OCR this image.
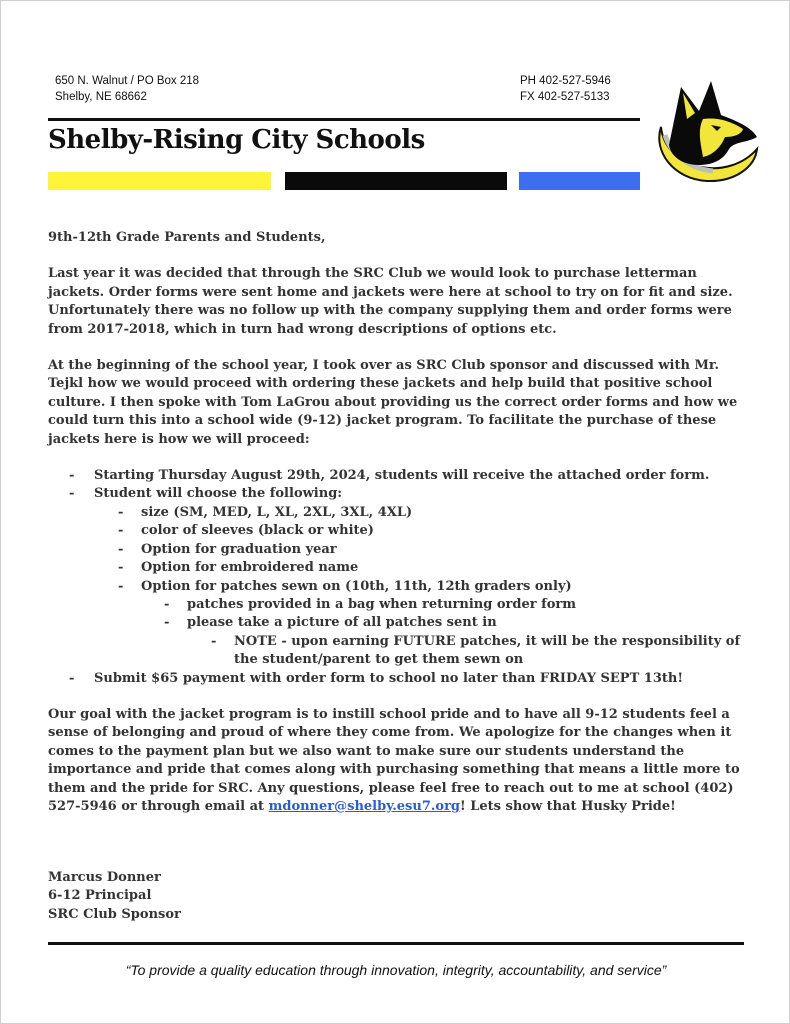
650 N. Walnut / PO Box 218
Shelby, NE 68662
PH 402-527-5946
FX 402-527-5133
Shelby-Rising City Schools

9th-12th Grade Parents and Students,

Last year it was decided that through the SRC Club we would look to purchase letterman jackets. Order forms were sent home and jackets were here at school to try on for fit and size. Unfortunately there was no follow up with the company supplying them and order forms were from 2017-2018, which in turn had wrong descriptions of options etc.

At the beginning of the school year, I took over as SRC Club sponsor and discussed with Mr. Tejkl how we would proceed with ordering these jackets and help build that positive school culture. I then spoke with Tom LaGrou about providing us the correct order forms and how we could turn this into a school wide (9-12) jacket program. To facilitate the purchase of these jackets here is how we will proceed:

- Starting Thursday August 29th, 2024, students will receive the attached order form.
- Student will choose the following:
- size (SM, MED, L, XL, 2XL, 3XL, 4XL)
- color of sleeves (black or white)
- Option for graduation year
- Option for embroidered name
- Option for patches sewn on (10th, 11th, 12th graders only)
- patches provided in a bag when returning order form
- please take a picture of all patches sent in
- NOTE - upon earning FUTURE patches, it will be the responsibility of the student/parent to get them sewn on
- Submit $65 payment with order form to school no later than FRIDAY SEPT 13th!

Our goal with the jacket program is to instill school pride and to have all 9-12 students feel a sense of belonging and proud of where they come from. We apologize for the changes when it comes to the payment plan but we also want to make sure our students understand the importance and pride that comes along with purchasing something that means a little more to them and the pride for SRC. Any questions, please feel free to reach out to me at school (402) 527-5946 or through email at mdonner@shelby.esu7.org! Lets show that Husky Pride!

Marcus Donner
6-12 Principal
SRC Club Sponsor
“To provide a quality education through innovation, integrity, accountability, and service”
